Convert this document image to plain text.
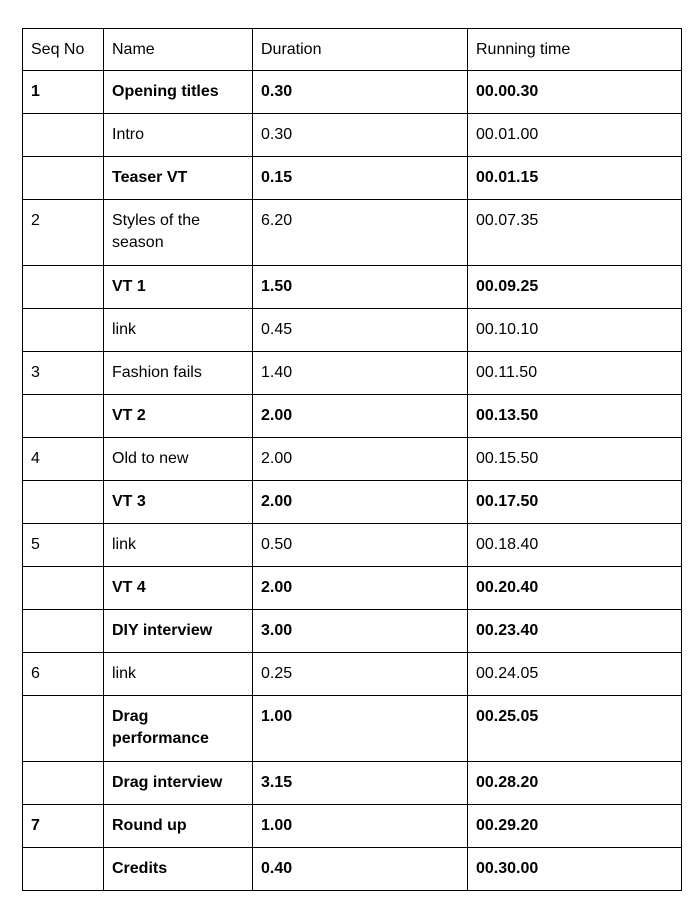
Seq No	Name	Duration	Running time
1	Opening titles	0.30	00.00.30
	Intro	0.30	00.01.00
	Teaser VT	0.15	00.01.15
2	Styles of the season	6.20	00.07.35
	VT 1	1.50	00.09.25
	link	0.45	00.10.10
3	Fashion fails	1.40	00.11.50
	VT 2	2.00	00.13.50
4	Old to new	2.00	00.15.50
	VT 3	2.00	00.17.50
5	link	0.50	00.18.40
	VT 4	2.00	00.20.40
	DIY interview	3.00	00.23.40
6	link	0.25	00.24.05
	Drag performance	1.00	00.25.05
	Drag interview	3.15	00.28.20
7	Round up	1.00	00.29.20
	Credits	0.40	00.30.00
